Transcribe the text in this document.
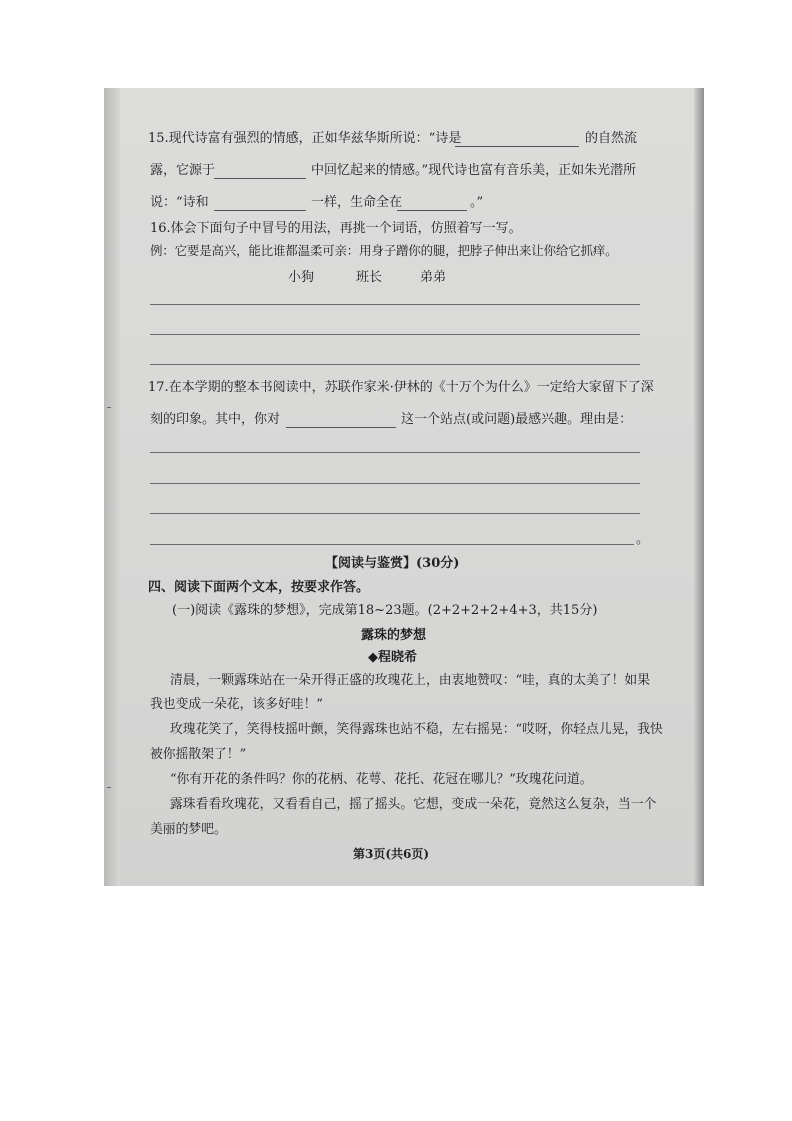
15.现代诗富有强烈的情感，正如华兹华斯所说：“诗是	的自然流
露，它源于	中回忆起来的情感。”现代诗也富有音乐美，正如朱光潜所
说：“诗和	一样，生命全在	。”
16.体会下面句子中冒号的用法，再挑一个词语，仿照着写一写。
例：它要是高兴，能比谁都温柔可亲：用身子蹭你的腿，把脖子伸出来让你给它抓痒。
小狗	班长	弟弟
17.在本学期的整本书阅读中，苏联作家米·伊林的《十万个为什么》一定给大家留下了深
刻的印象。其中，你对	这一个站点(或问题)最感兴趣。理由是：
。
【阅读与鉴赏】(30分)
四、阅读下面两个文本，按要求作答。
(一)阅读《露珠的梦想》，完成第18~23题。(2+2+2+2+4+3，共15分)
露珠的梦想
◆程晓希
清晨，一颗露珠站在一朵开得正盛的玫瑰花上，由衷地赞叹：“哇，真的太美了！如果
我也变成一朵花，该多好哇！”
玫瑰花笑了，笑得枝摇叶颤，笑得露珠也站不稳，左右摇晃：“哎呀，你轻点儿晃，我快
被你摇散架了！”
“你有开花的条件吗？你的花柄、花萼、花托、花冠在哪儿？”玫瑰花问道。
露珠看看玫瑰花，又看看自己，摇了摇头。它想，变成一朵花，竟然这么复杂，当一个
美丽的梦吧。
第3页(共6页)
